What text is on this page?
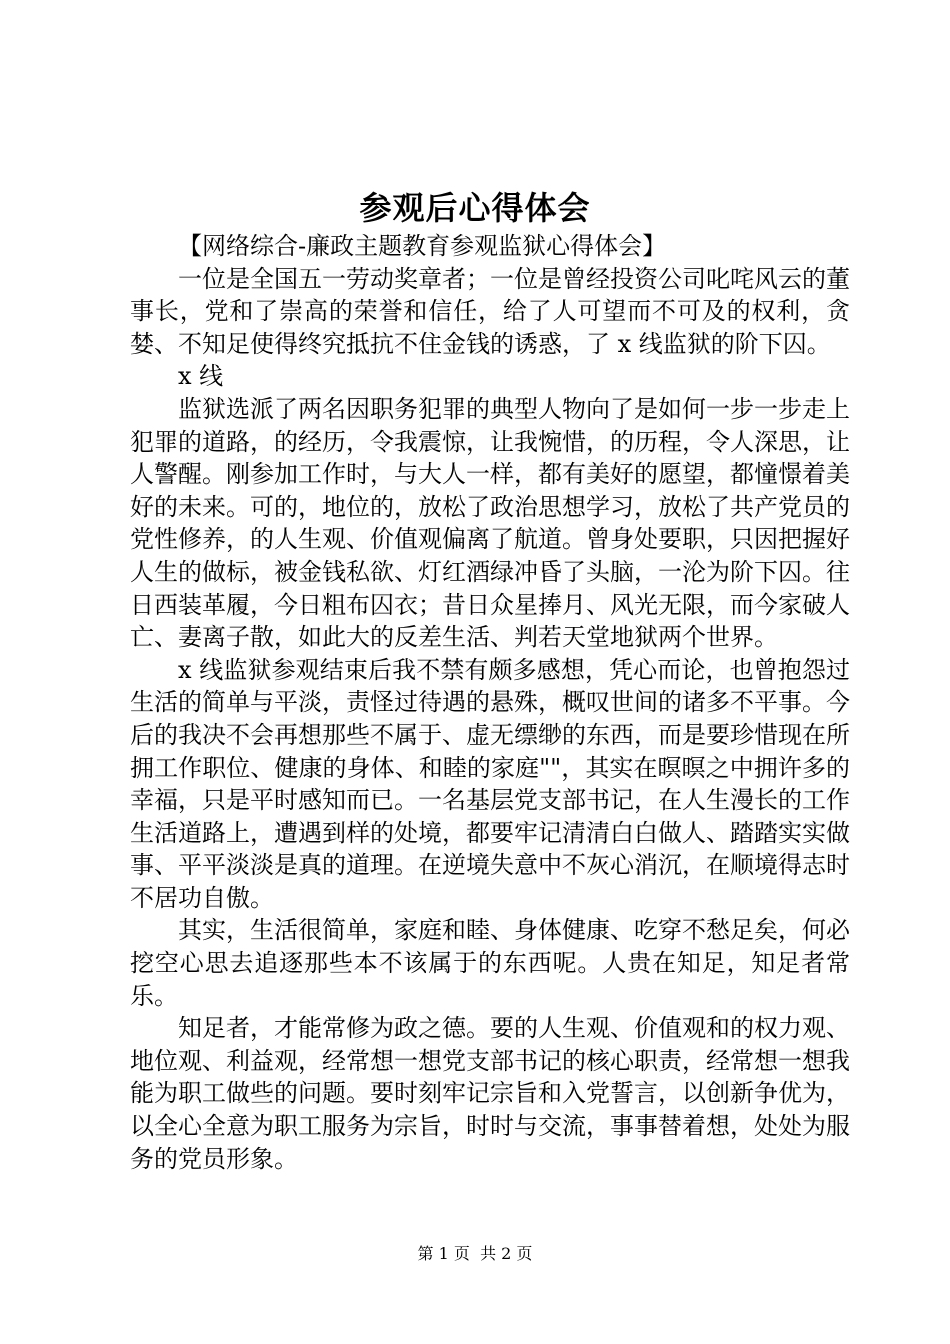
参观后心得体会

【网络综合-廉政主题教育参观监狱心得体会】

一位是全国五一劳动奖章者；一位是曾经投资公司叱咤风云的董事长，党和了崇高的荣誉和信任，给了人可望而不可及的权利，贪婪、不知足使得终究抵抗不住金钱的诱惑，了 x 线监狱的阶下囚。

x 线

监狱选派了两名因职务犯罪的典型人物向了是如何一步一步走上犯罪的道路，的经历，令我震惊，让我惋惜，的历程，令人深思，让人警醒。刚参加工作时，与大人一样，都有美好的愿望，都憧憬着美好的未来。可的，地位的，放松了政治思想学习，放松了共产党员的党性修养，的人生观、价值观偏离了航道。曾身处要职，只因把握好人生的做标，被金钱私欲、灯红酒绿冲昏了头脑，一沦为阶下囚。往日西装革履，今日粗布囚衣；昔日众星捧月、风光无限，而今家破人亡、妻离子散，如此大的反差生活、判若天堂地狱两个世界。

x 线监狱参观结束后我不禁有颇多感想，凭心而论，也曾抱怨过生活的简单与平淡，责怪过待遇的悬殊，概叹世间的诸多不平事。今后的我决不会再想那些不属于、虚无缥缈的东西，而是要珍惜现在所拥工作职位、健康的身体、和睦的家庭""，其实在暝暝之中拥许多的幸福，只是平时感知而已。一名基层党支部书记，在人生漫长的工作生活道路上，遭遇到样的处境，都要牢记清清白白做人、踏踏实实做事、平平淡淡是真的道理。在逆境失意中不灰心消沉，在顺境得志时不居功自傲。

其实，生活很简单，家庭和睦、身体健康、吃穿不愁足矣，何必挖空心思去追逐那些本不该属于的东西呢。人贵在知足，知足者常乐。

知足者，才能常修为政之德。要的人生观、价值观和的权力观、地位观、利益观，经常想一想党支部书记的核心职责，经常想一想我能为职工做些的问题。要时刻牢记宗旨和入党誓言，以创新争优为，以全心全意为职工服务为宗旨，时时与交流，事事替着想，处处为服务的党员形象。

第 1 页 共 2 页
